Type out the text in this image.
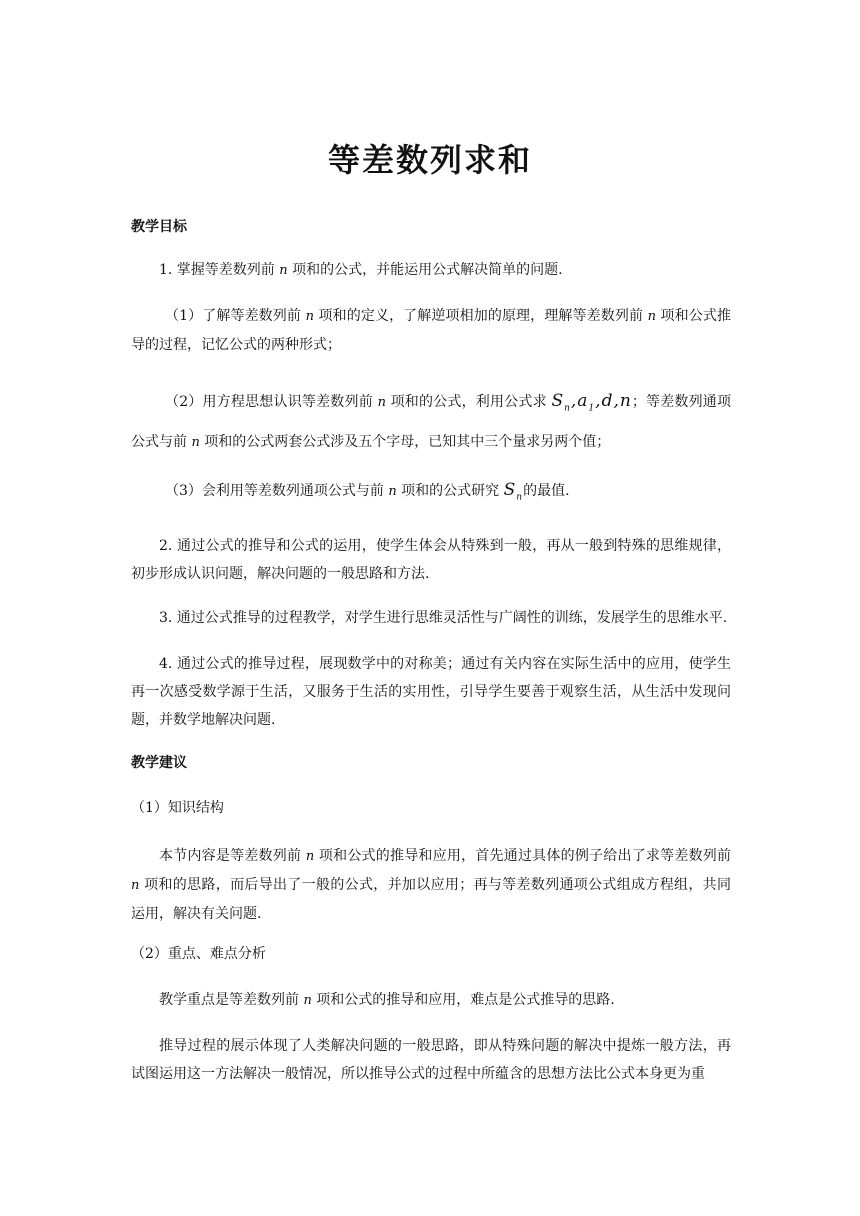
等差数列求和
教学目标
1. 掌握等差数列前 n 项和的公式，并能运用公式解决简单的问题.
（1）了解等差数列前 n 项和的定义，了解逆项相加的原理，理解等差数列前 n 项和公式推导的过程，记忆公式的两种形式；
（2）用方程思想认识等差数列前 n 项和的公式，利用公式求 $S_n,a_1,d,n$；等差数列通项公式与前 n 项和的公式两套公式涉及五个字母，已知其中三个量求另两个值；
（3）会利用等差数列通项公式与前 n 项和的公式研究 $S_n$的最值.
2. 通过公式的推导和公式的运用，使学生体会从特殊到一般，再从一般到特殊的思维规律，初步形成认识问题，解决问题的一般思路和方法.
3. 通过公式推导的过程教学，对学生进行思维灵活性与广阔性的训练，发展学生的思维水平.
4. 通过公式的推导过程，展现数学中的对称美；通过有关内容在实际生活中的应用，使学生再一次感受数学源于生活，又服务于生活的实用性，引导学生要善于观察生活，从生活中发现问题，并数学地解决问题.
教学建议
（1）知识结构
本节内容是等差数列前 n 项和公式的推导和应用，首先通过具体的例子给出了求等差数列前 n 项和的思路，而后导出了一般的公式，并加以应用；再与等差数列通项公式组成方程组，共同运用，解决有关问题.
（2）重点、难点分析
教学重点是等差数列前 n 项和公式的推导和应用，难点是公式推导的思路.
推导过程的展示体现了人类解决问题的一般思路，即从特殊问题的解决中提炼一般方法，再试图运用这一方法解决一般情况，所以推导公式的过程中所蕴含的思想方法比公式本身更为重
